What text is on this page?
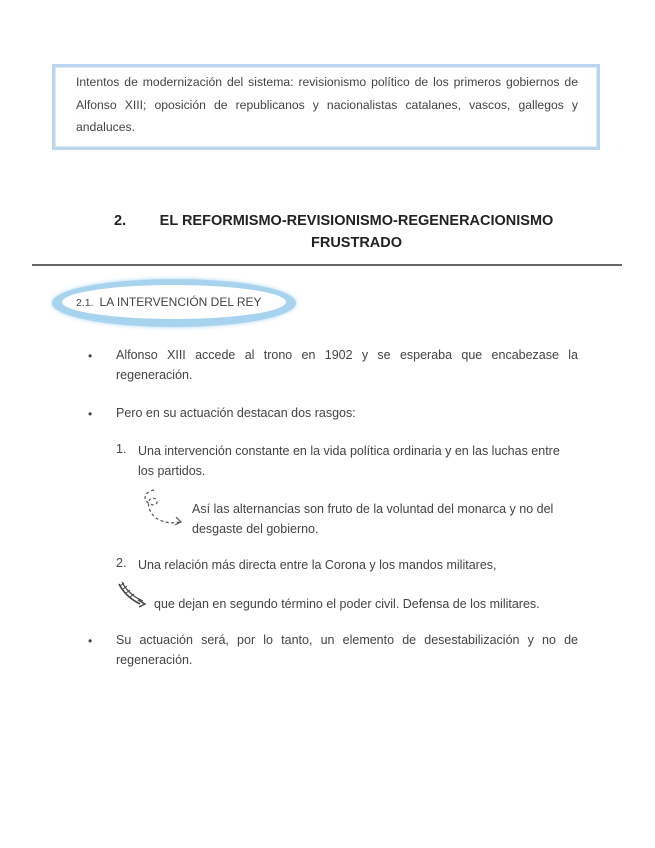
Intentos de modernización del sistema: revisionismo político de los primeros gobiernos de Alfonso XIII; oposición de republicanos y nacionalistas catalanes, vascos, gallegos y andaluces.
2.	EL REFORMISMO-REVISIONISMO-REGENERACIONISMO FRUSTRADO
2.1. LA INTERVENCIÓN DEL REY
• Alfonso XIII accede al trono en 1902 y se esperaba que encabezase la regeneración.
• Pero en su actuación destacan dos rasgos:
1. Una intervención constante en la vida política ordinaria y en las luchas entre los partidos.
Así las alternancias son fruto de la voluntad del monarca y no del desgaste del gobierno.
2. Una relación más directa entre la Corona y los mandos militares,
que dejan en segundo término el poder civil. Defensa de los militares.
• Su actuación será, por lo tanto, un elemento de desestabilización y no de regeneración.
